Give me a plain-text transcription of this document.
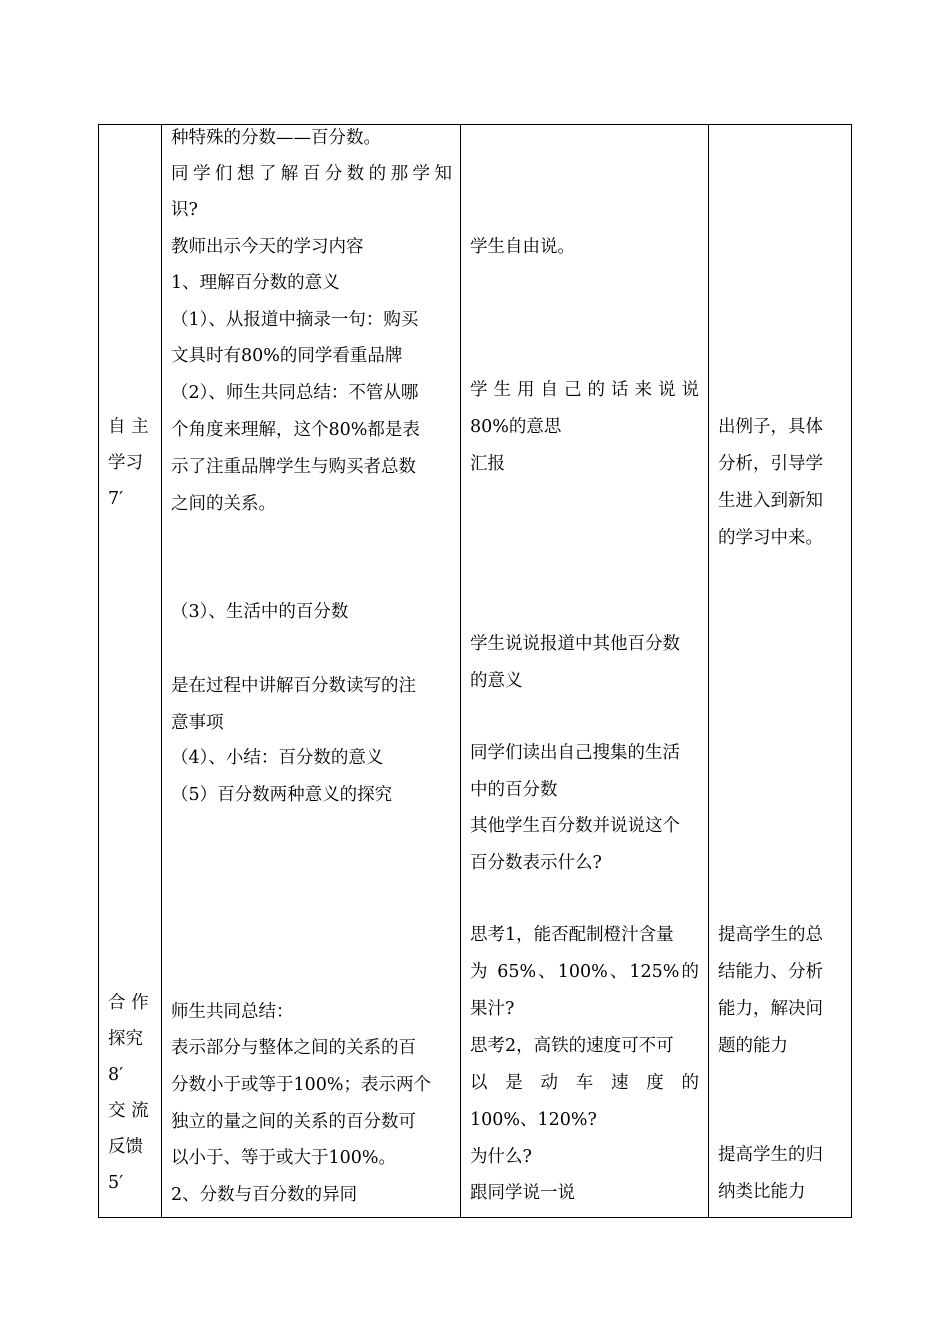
自 主
学习
7′
合 作
探究
8′
交 流
反馈
5′
种特殊的分数——百分数。
同学们想了解百分数的那学知
识?
教师出示今天的学习内容
1、理解百分数的意义
（1）、从报道中摘录一句：购买
文具时有80%的同学看重品牌
（2）、师生共同总结：不管从哪
个角度来理解，这个80%都是表
示了注重品牌学生与购买者总数
之间的关系。
（3）、生活中的百分数
是在过程中讲解百分数读写的注
意事项
（4）、小结：百分数的意义
（5）百分数两种意义的探究
师生共同总结：
表示部分与整体之间的关系的百
分数小于或等于100%；表示两个
独立的量之间的关系的百分数可
以小于、等于或大于100%。
2、分数与百分数的异同
学生自由说。
学 生 用 自 己 的 话 来 说 说
80%的意思
汇报
学生说说报道中其他百分数
的意义
同学们读出自己搜集的生活
中的百分数
其他学生百分数并说说这个
百分数表示什么?
思考1，能否配制橙汁含量
为 65%、100%、125%的
果汁?
思考2，高铁的速度可不可
以 是 动 车 速 度 的
100%、120%?
为什么?
跟同学说一说
出例子，具体
分析，引导学
生进入到新知
的学习中来。
提高学生的总
结能力、分析
能力，解决问
题的能力
提高学生的归
纳类比能力
